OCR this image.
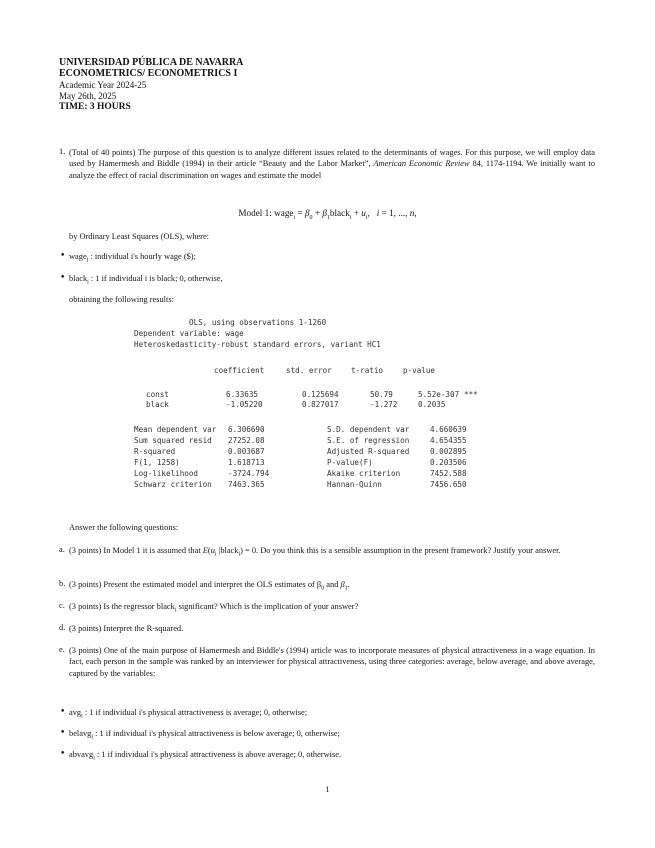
UNIVERSIDAD PÚBLICA DE NAVARRA
ECONOMETRICS/ ECONOMETRICS I
Academic Year 2024-25
May 26th, 2025
TIME: 3 HOURS
1. (Total of 40 points) The purpose of this question is to analyze different issues related to the determinants of wages. For this purpose, we will employ data used by Hamermesh and Biddle (1994) in their article “Beauty and the Labor Market”, American Economic Review 84, 1174-1194. We initially want to analyze the effect of racial discrimination on wages and estimate the model
Model 1: wage$_i$ = $\beta_0$ + $\beta_1black_i + u_i$,   i = 1, ..., n,
by Ordinary Least Squares (OLS), where:
• wage$_i$ : individual i's hourly wage ($);
• black$_i$ : 1 if individual i is black; 0, otherwise,
obtaining the following results:
OLS, using observations 1-1260
Dependent variable: wage
Heteroskedasticity-robust standard errors, variant HC1
coefficient	std. error	t-ratio	p-value
const	6.33635	0.125694	50.79	5.52e-307 ***
black	-1.05220	0.827017	-1.272	0.2035
Mean dependent var 6.306690	S.D. dependent var	4.660639
Sum squared resid 27252.08	S.E. of regression	4.654355
R-squared	0.003687	Adjusted R-squared	0.002895
F(1, 1258)	1.618713	P-value(F)	0.203506
Log-likelihood	-3724.794	Akaike criterion	7452.588
Schwarz criterion 7463.365	Hannan-Quinn	7456.650
Answer the following questions:
a. (3 points) In Model 1 it is assumed that $E(u_i$ |black$_i$) = 0. Do you think this is a sensible assumption in the present framework? Justify your answer.
b. (3 points) Present the estimated model and interpret the OLS estimates of $\beta_0$ and $\beta_1$.
c. (3 points) Is the regressor black$_i$ significant? Which is the implication of your answer?
d. (3 points) Interpret the R-squared.
e. (3 points) One of the main purpose of Hamermesh and Biddle's (1994) article was to incorporate measures of physical attractiveness in a wage equation. In fact, each person in the sample was ranked by an interviewer for physical attractiveness, using three categories: average, below average, and above average, captured by the variables:
• avg$_i$ : 1 if individual i's physical attractiveness is average; 0, otherwise;
• belavg$_i$ : 1 if individual i's physical attractiveness is below average; 0, otherwise;
• abvavg$_i$ : 1 if individual i's physical attractiveness is above average; 0, otherwise.
1
